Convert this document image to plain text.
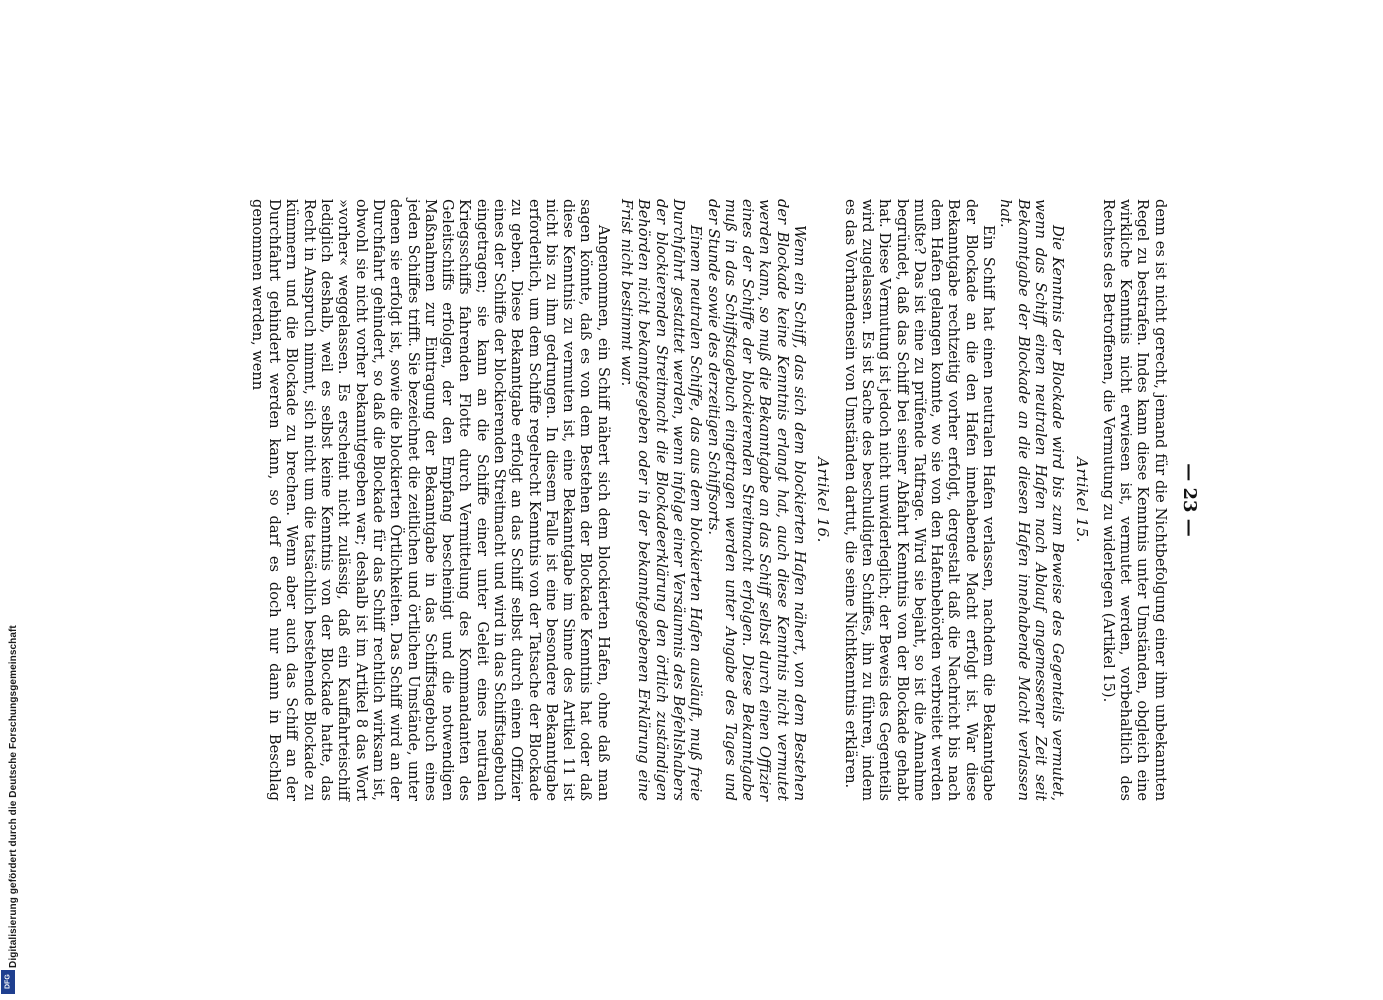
Digitalisierung gefördert durch die Deutsche Forschungsgemeinschaft
DFG
— 23 —

denn es ist nicht gerecht, jemand für die Nichtbefolgung einer ihm unbekannten Regel zu bestrafen. Indes kann diese Kenntnis unter Umständen, obgleich eine wirkliche Kenntnis nicht erwiesen ist, vermutet werden, vorbehaltlich des Rechtes des Betroffenen, die Vermutung zu widerlegen (Artikel 15).

Artikel 15.

Die Kenntnis der Blockade wird bis zum Beweise des Gegenteils vermutet, wenn das Schiff einen neutralen Hafen nach Ablauf angemessener Zeit seit Bekanntgabe der Blockade an die diesen Hafen innehabende Macht verlassen hat.

Ein Schiff hat einen neutralen Hafen verlassen, nachdem die Bekanntgabe der Blockade an die den Hafen innehabende Macht erfolgt ist. War diese Bekanntgabe rechtzeitig vorher erfolgt, dergestalt daß die Nachricht bis nach dem Hafen gelangen konnte, wo sie von den Hafenbehörden verbreitet werden mußte? Das ist eine zu prüfende Tatfrage. Wird sie bejaht, so ist die Annahme begründet, daß das Schiff bei seiner Abfahrt Kenntnis von der Blockade gehabt hat. Diese Vermutung ist jedoch nicht unwiderleglich; der Beweis des Gegenteils wird zugelassen. Es ist Sache des beschuldigten Schiffes, ihn zu führen, indem es das Vorhandensein von Umständen dartut, die seine Nichtkenntnis erklären.

Artikel 16.

Wenn ein Schiff, das sich dem blockierten Hafen nähert, von dem Bestehen der Blockade keine Kenntnis erlangt hat, auch diese Kenntnis nicht vermutet werden kann, so muß die Bekanntgabe an das Schiff selbst durch einen Offizier eines der Schiffe der blockierenden Streitmacht erfolgen. Diese Bekanntgabe muß in das Schiffstagebuch eingetragen werden unter Angabe des Tages und der Stunde sowie des derzeitigen Schiffsorts.

Einem neutralen Schiffe, das aus dem blockierten Hafen ausläuft, muß freie Durchfahrt gestattet werden, wenn infolge einer Versäumnis des Befehlshabers der blockierenden Streitmacht die Blockadeerklärung den örtlich zuständigen Behörden nicht bekanntgegeben oder in der bekanntgegebenen Erklärung eine Frist nicht bestimmt war.

Angenommen, ein Schiff nähert sich dem blockierten Hafen, ohne daß man sagen könnte, daß es von dem Bestehen der Blockade Kenntnis hat oder daß diese Kenntnis zu vermuten ist, eine Bekanntgabe im Sinne des Artikel 11 ist nicht bis zu ihm gedrungen. In diesem Falle ist eine besondere Bekanntgabe erforderlich, um dem Schiffe regelrecht Kenntnis von der Tatsache der Blockade zu geben. Diese Bekanntgabe erfolgt an das Schiff selbst durch einen Offizier eines der Schiffe der blockierenden Streitmacht und wird in das Schiffstagebuch eingetragen; sie kann an die Schiffe einer unter Geleit eines neutralen Kriegsschiffs fahrenden Flotte durch Vermittelung des Kommandanten des Geleitschiffs erfolgen, der den Empfang bescheinigt und die notwendigen Maßnahmen zur Eintragung der Bekanntgabe in das Schiffstagebuch eines jeden Schiffes trifft. Sie bezeichnet die zeitlichen und örtlichen Umstände, unter denen sie erfolgt ist, sowie die blockierten Örtlichkeiten. Das Schiff wird an der Durchfahrt gehindert, so daß die Blockade für das Schiff rechtlich wirksam ist, obwohl sie nicht vorher bekanntgegeben war; deshalb ist im Artikel 8 das Wort »vorher« weggelassen. Es erscheint nicht zulässig, daß ein Kauffahrteischiff lediglich deshalb, weil es selbst keine Kenntnis von der Blockade hatte, das Recht in Anspruch nimmt, sich nicht um die tatsächlich bestehende Blockade zu kümmern und die Blockade zu brechen. Wenn aber auch das Schiff an der Durchfahrt gehindert werden kann, so darf es doch nur dann in Beschlag genommen werden, wenn
